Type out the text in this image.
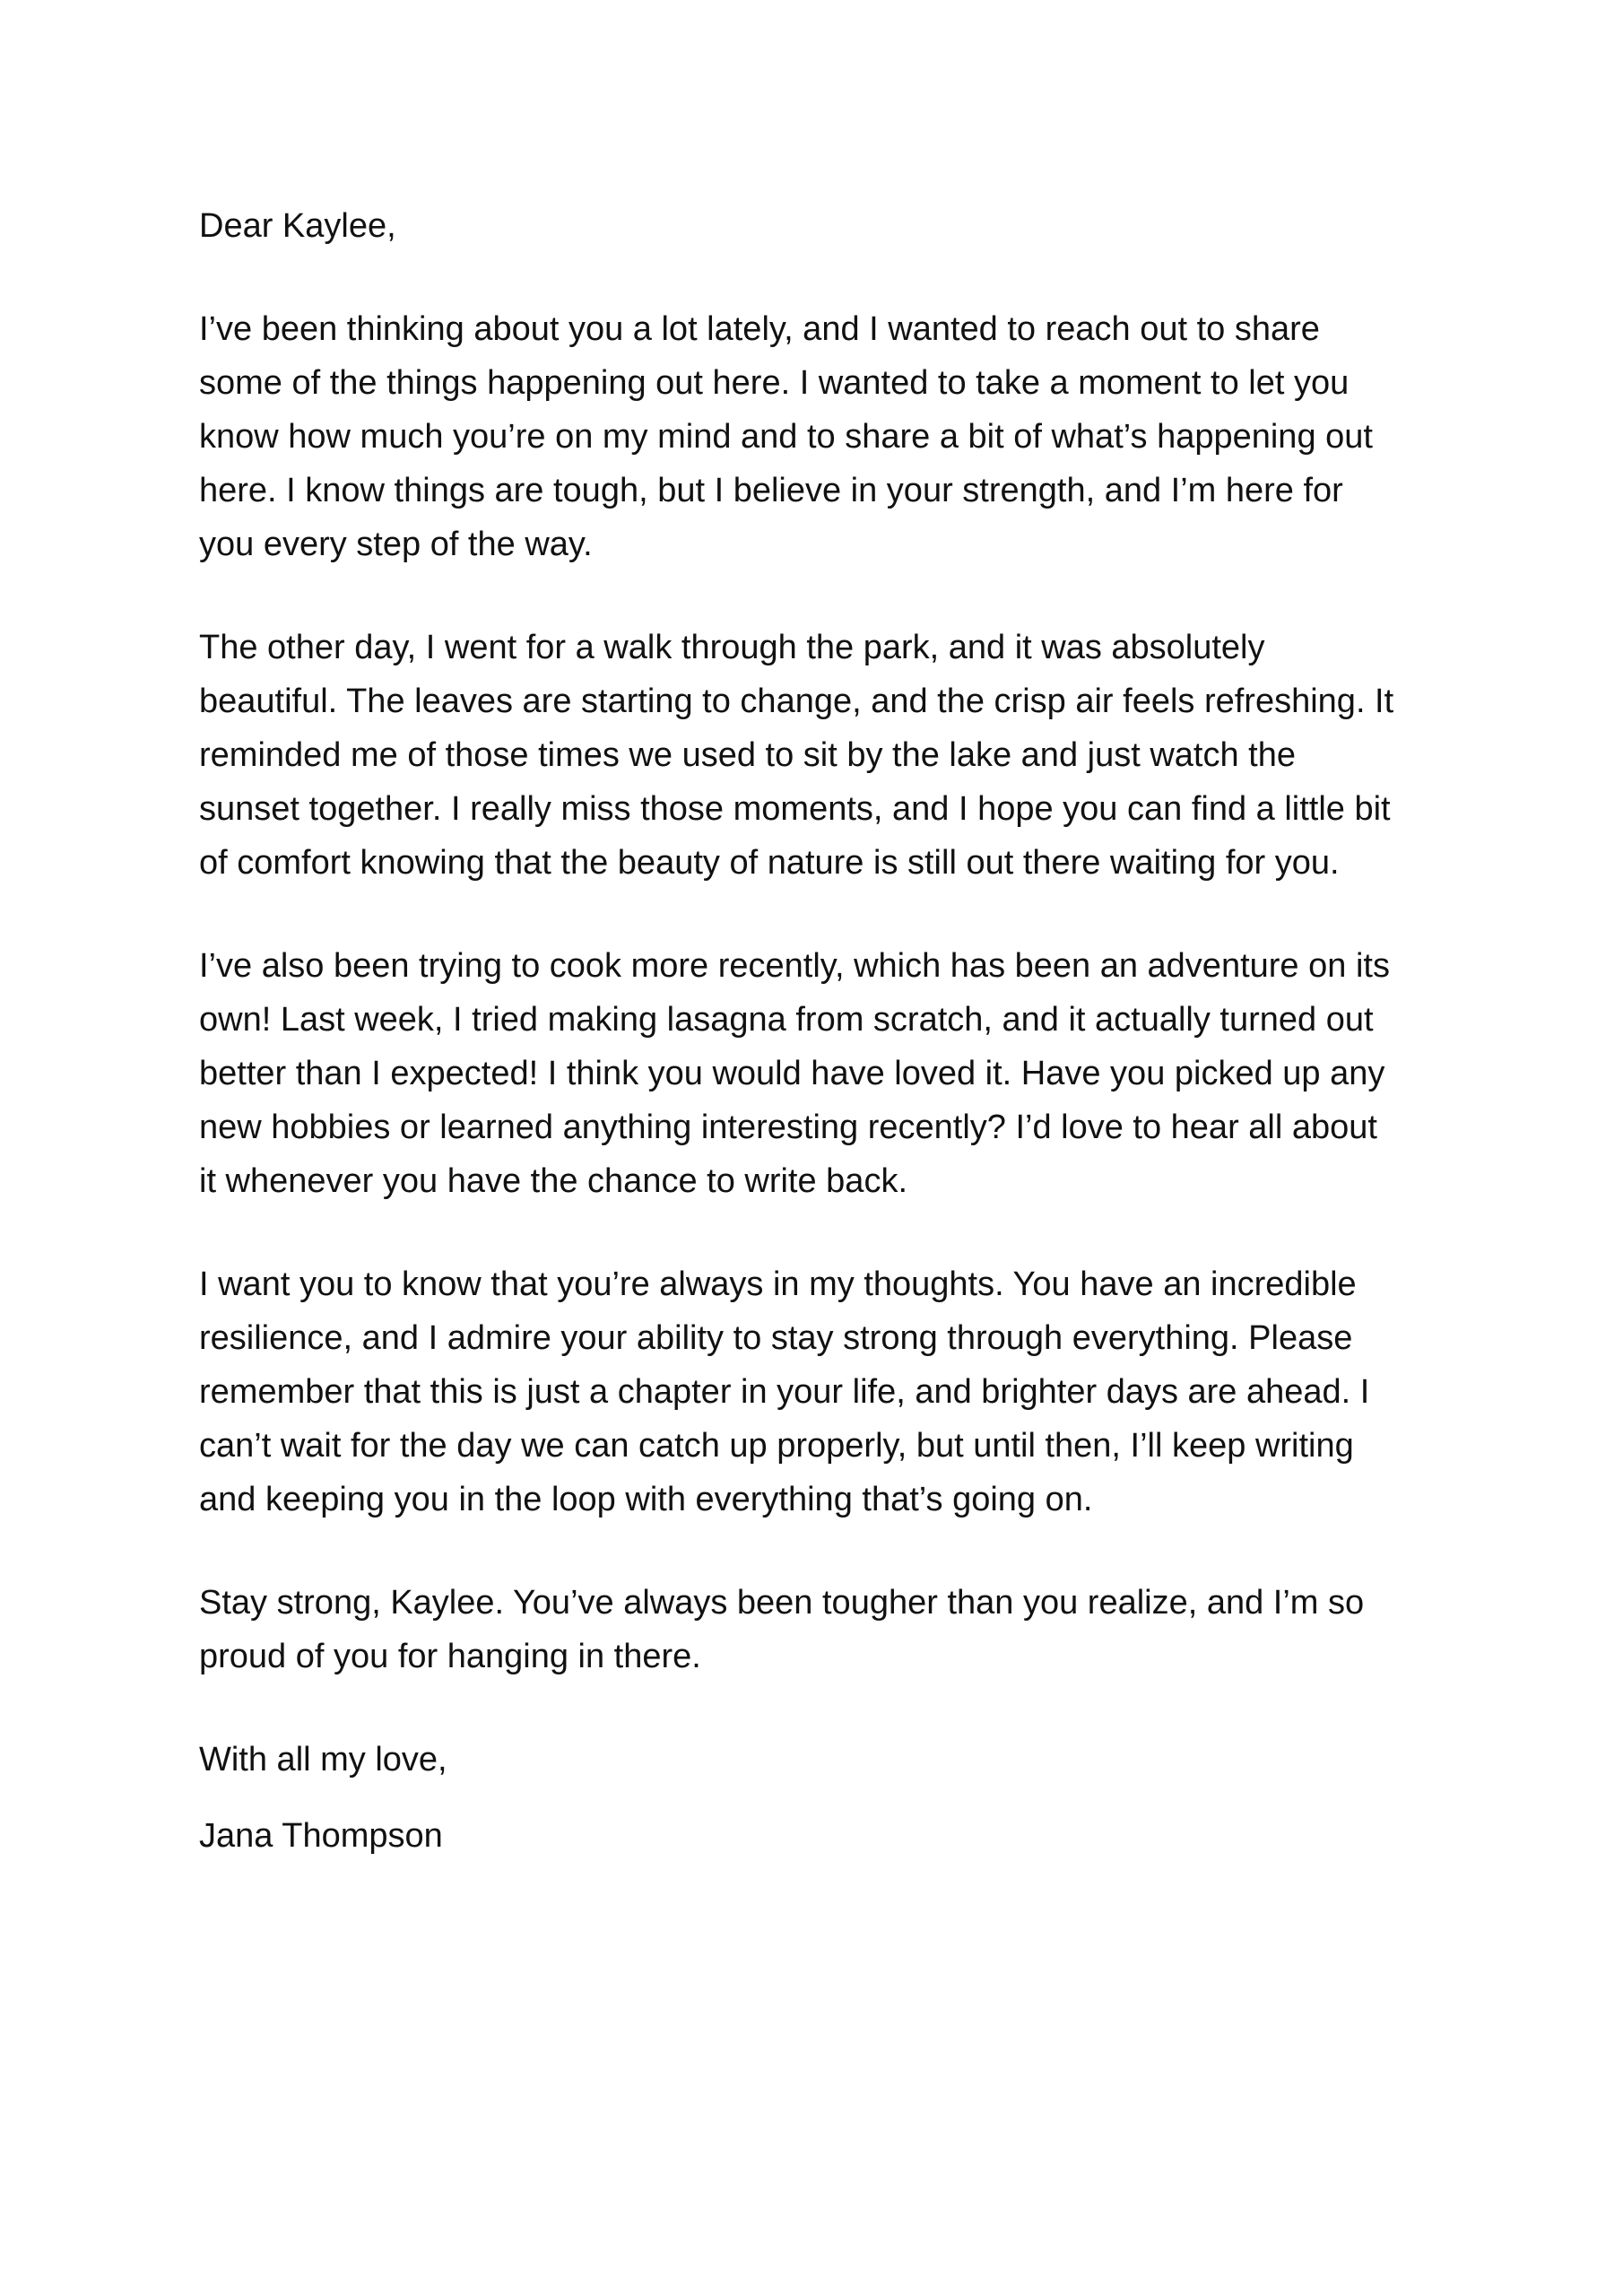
Dear Kaylee,
I’ve been thinking about you a lot lately, and I wanted to reach out to share
some of the things happening out here. I wanted to take a moment to let you
know how much you’re on my mind and to share a bit of what’s happening out
here. I know things are tough, but I believe in your strength, and I’m here for
you every step of the way.
The other day, I went for a walk through the park, and it was absolutely
beautiful. The leaves are starting to change, and the crisp air feels refreshing. It
reminded me of those times we used to sit by the lake and just watch the
sunset together. I really miss those moments, and I hope you can find a little bit
of comfort knowing that the beauty of nature is still out there waiting for you.
I’ve also been trying to cook more recently, which has been an adventure on its
own! Last week, I tried making lasagna from scratch, and it actually turned out
better than I expected! I think you would have loved it. Have you picked up any
new hobbies or learned anything interesting recently? I’d love to hear all about
it whenever you have the chance to write back.
I want you to know that you’re always in my thoughts. You have an incredible
resilience, and I admire your ability to stay strong through everything. Please
remember that this is just a chapter in your life, and brighter days are ahead. I
can’t wait for the day we can catch up properly, but until then, I’ll keep writing
and keeping you in the loop with everything that’s going on.
Stay strong, Kaylee. You’ve always been tougher than you realize, and I’m so
proud of you for hanging in there.
With all my love,
Jana Thompson
